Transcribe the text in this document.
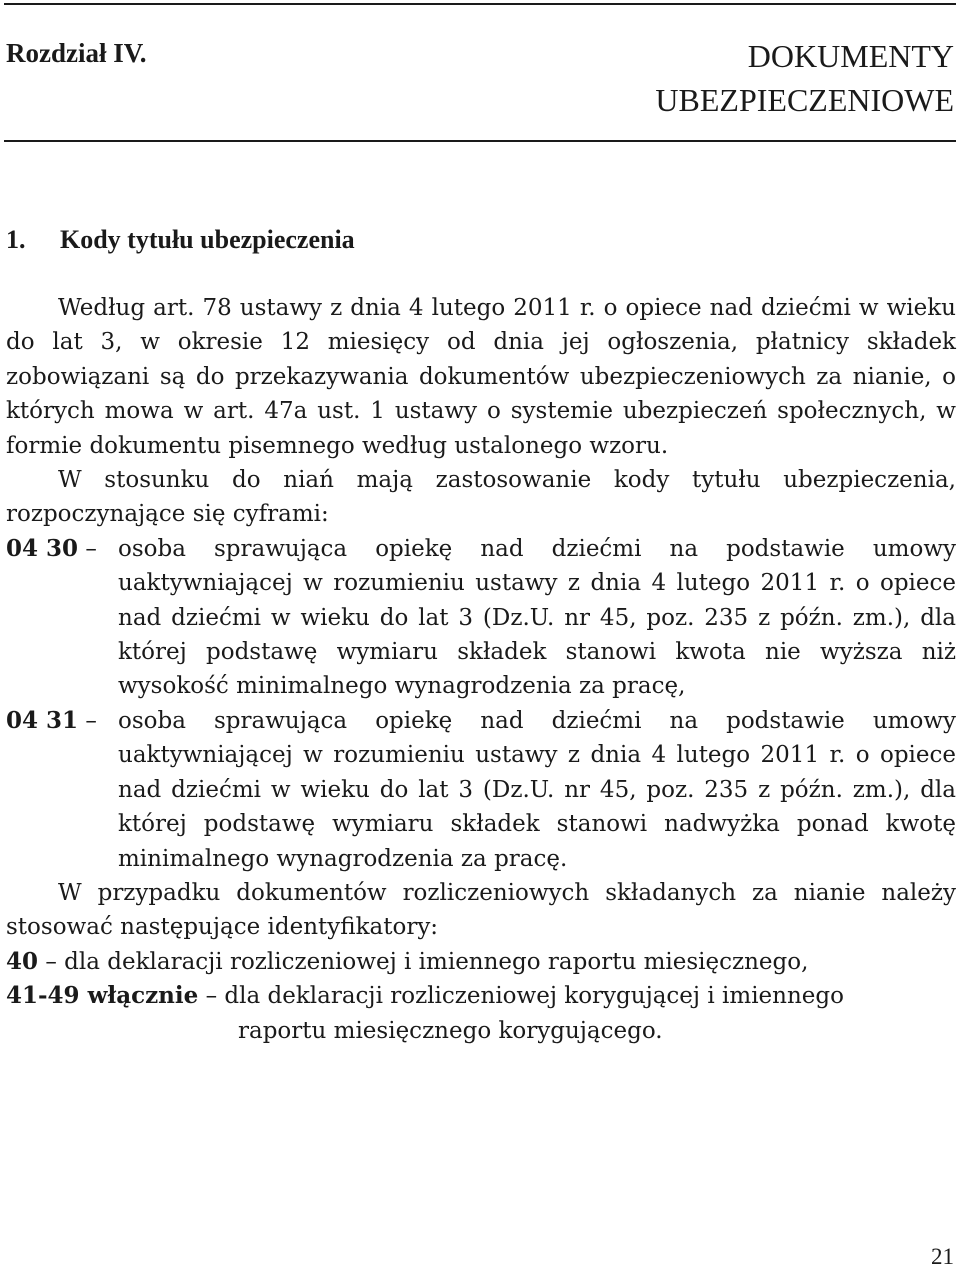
Rozdział IV.	DOKUMENTY
UBEZPIECZENIOWE
1. Kody tytułu ubezpieczenia

Według art. 78 ustawy z dnia 4 lutego 2011 r. o opiece nad dziećmi w wieku do lat 3, w okresie 12 miesięcy od dnia jej ogłoszenia, płatnicy składek zobowiązani są do przekazywania dokumentów ubezpieczeniowych za nianie, o których mowa w art. 47a ust. 1 ustawy o systemie ubezpieczeń społecznych, w formie dokumentu pisemnego według ustalonego wzoru.

W stosunku do niań mają zastosowanie kody tytułu ubezpieczenia, rozpoczynające się cyframi:

04 30 – osoba sprawująca opiekę nad dziećmi na podstawie umowy uaktywniającej w rozumieniu ustawy z dnia 4 lutego 2011 r. o opiece nad dziećmi w wieku do lat 3 (Dz.U. nr 45, poz. 235 z późn. zm.), dla której podstawę wymiaru składek stanowi kwota nie wyższa niż wysokość minimalnego wynagrodzenia za pracę,
04 31 – osoba sprawująca opiekę nad dziećmi na podstawie umowy uaktywniającej w rozumieniu ustawy z dnia 4 lutego 2011 r. o opiece nad dziećmi w wieku do lat 3 (Dz.U. nr 45, poz. 235 z późn. zm.), dla której podstawę wymiaru składek stanowi nadwyżka ponad kwotę minimalnego wynagrodzenia za pracę.

W przypadku dokumentów rozliczeniowych składanych za nianie należy stosować następujące identyfikatory:

40 – dla deklaracji rozliczeniowej i imiennego raportu miesięcznego,

41-49 włącznie – dla deklaracji rozliczeniowej korygującej i imiennego

raportu miesięcznego korygującego.

21
